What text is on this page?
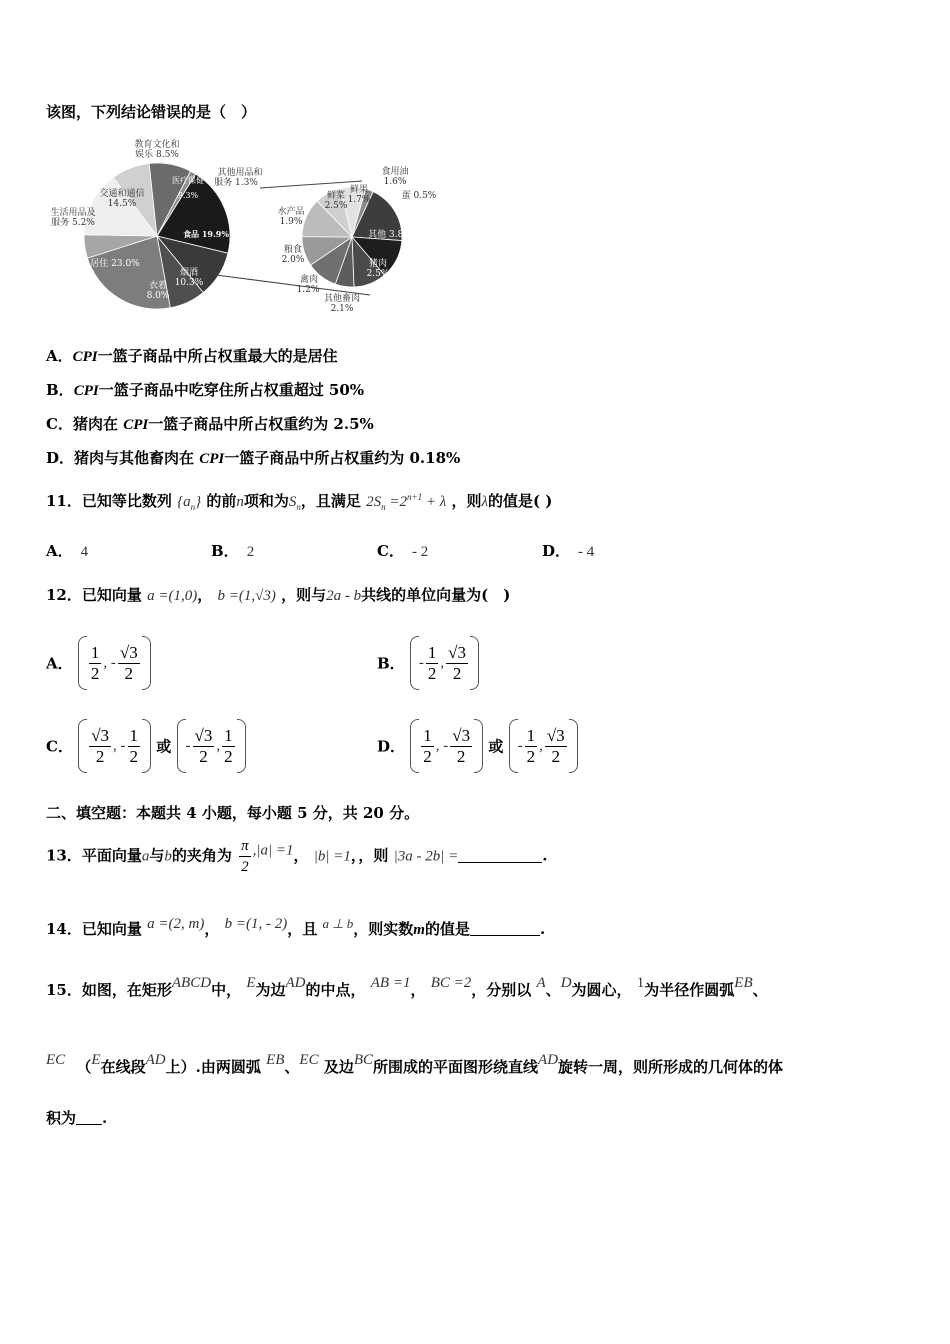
该图，下列结论错误的是（　）
教育文化和
娱乐 8.5%
其他用品和
服务 1.3%
医疗保健
9.3%
交通和通信
14.5%
生活用品及
服务 5.2%
食品 19.9%
居住 23.0%
烟酒
10.3%
衣着
8.0%
食用油
1.6%
鲜果
1.7%
鲜菜
2.5%
蛋 0.5%
水产品
1.9%
其他 3.8%
粮食
2.0%	猪肉
2.5%
禽肉
1.2%
其他畜肉
2.1%
A．CPI一篮子商品中所占权重最大的是居住
B．CPI一篮子商品中吃穿住所占权重超过 50%
C．猪肉在 CPI一篮子商品中所占权重约为 2.5%
D．猪肉与其他畜肉在 CPI一篮子商品中所占权重约为 0.18%
11．已知等比数列 $\{a_n\}$ 的前n项和为$S_n$，且满足 $2S_n =2^{n+1} + \lambda$ ，则λ的值是( )
A． 4	B． 2	C． - 2	D． - 4
12．已知向量 a =(1,0)， b =(1,√3) ，则与2a - b共线的单位向量为(　)
A． $\frac{1}{2}$ , - $\frac{√3}{2}$	B． - $\frac{1}{2}$ , $\frac{√3}{2}$
C． $\frac{√3}{2}$ , - $\frac{1}{2}$ 或 - $\frac{√3}{2}$ , $\frac{1}{2}$	D． $\frac{1}{2}$ , - $\frac{√3}{2}$ 或 - $\frac{1}{2}$ , $\frac{√3}{2}$
二、填空题：本题共 4 小题，每小题 5 分，共 20 分。
13．平面向量a与b的夹角为 $\frac{\pi}{2} ,|a| =1$， |b| =1，，则 |3a - 2b| =	.
14．已知向量 a =(2, m)， b =(1, - 2)，且 a ⊥ b，则实数m的值是	.
15．如图，在矩形ABCD中， E为边AD的中点， AB =1， BC =2，分别以 A、D为圆心， 1为半径作圆弧EB、
EC （E在线段AD上）.由两圆弧 EB、EC 及边BC所围成的平面图形绕直线AD旋转一周，则所形成的几何体的体
积为 .
